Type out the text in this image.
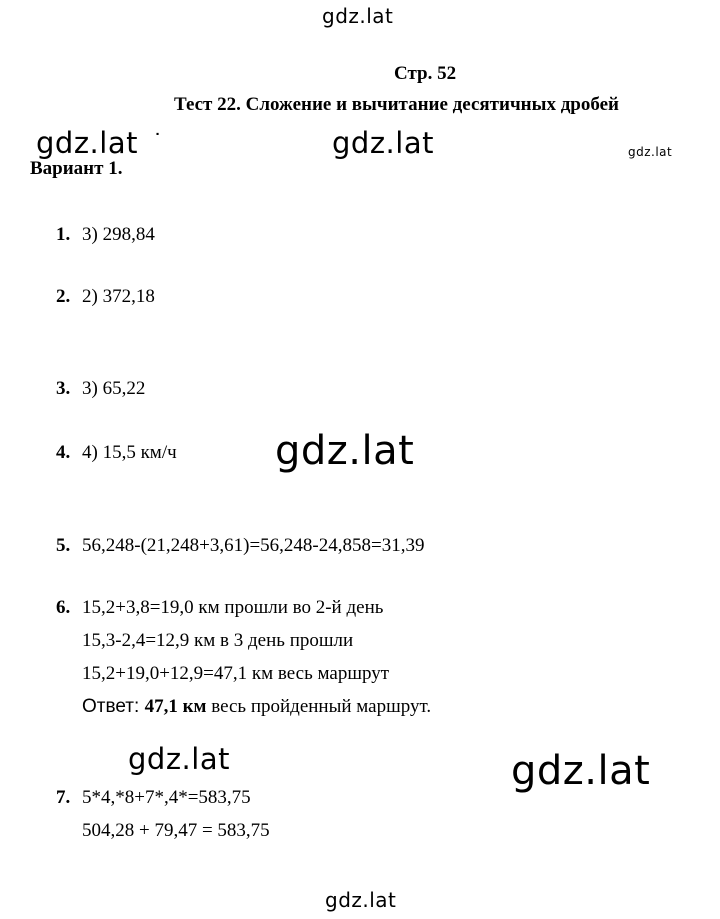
gdz.lat
gdz.latׁ	gdz.lat	gdz.lat
gdz.lat
gdz.lat	gdz.lat
gdz.lat
Стр. 52
Тест 22. Сложение и вычитание десятичных дробей
Вариант 1.
1. 3) 298,84
2. 2) 372,18
3. 3) 65,22
4. 4) 15,5 км/ч
5. 56,248-(21,248+3,61)=56,248-24,858=31,39
6. 15,2+3,8=19,0 км прошли во 2-й день
15,3-2,4=12,9 км в 3 день прошли
15,2+19,0+12,9=47,1 км весь маршрут
Ответ: 47,1 км весь пройденный маршрут.
7. 5*4,*8+7*,4*=583,75
504,28 + 79,47 = 583,75
